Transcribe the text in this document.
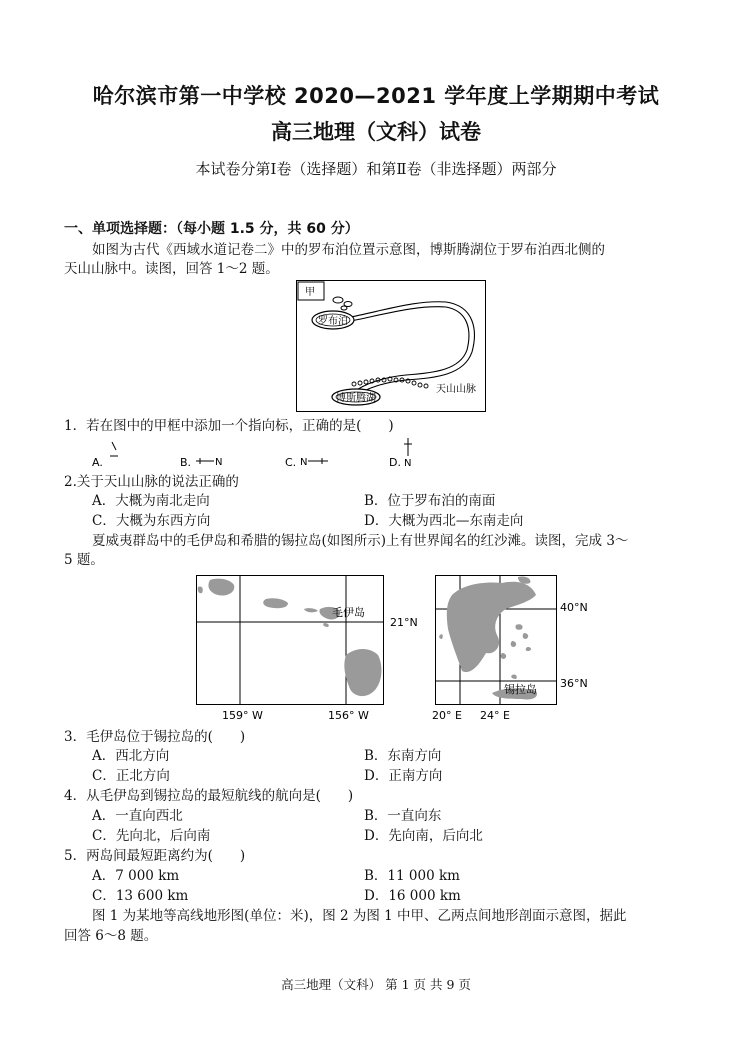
哈尔滨市第一中学校 2020—2021 学年度上学期期中考试
高三地理（文科）试卷
本试卷分第Ⅰ卷（选择题）和第Ⅱ卷（非选择题）两部分
一、单项选择题：（每小题 1.5 分，共 60 分）
如图为古代《西域水道记卷二》中的罗布泊位置示意图，博斯腾湖位于罗布泊西北侧的
天山山脉中。读图，回答 1～2 题。
甲
罗布泊
博斯腾湖
天山山脉
1．若在图中的甲框中添加一个指向标，正确的是(　　)
A.	B. N	C. N	D. N
2.关于天山山脉的说法正确的
A．大概为南北走向	B．位于罗布泊的南面
C．大概为东西方向	D．大概为西北—东南走向
夏威夷群岛中的毛伊岛和希腊的锡拉岛(如图所示)上有世界闻名的红沙滩。读图，完成 3～
5 题。
毛伊岛
21°N
159° W	156° W
40°N
36°N
锡拉岛
20° E 24° E
3．毛伊岛位于锡拉岛的(　　)
A．西北方向	B．东南方向
C．正北方向	D．正南方向
4．从毛伊岛到锡拉岛的最短航线的航向是(　　)
A．一直向西北	B．一直向东
C．先向北，后向南	D．先向南，后向北
5．两岛间最短距离约为(　　)
A．7 000 km	B．11 000 km
C．13 600 km	D．16 000 km
图 1 为某地等高线地形图(单位：米)，图 2 为图 1 中甲、乙两点间地形剖面示意图，据此
回答 6～8 题。
高三地理（文科） 第 1 页 共 9 页
